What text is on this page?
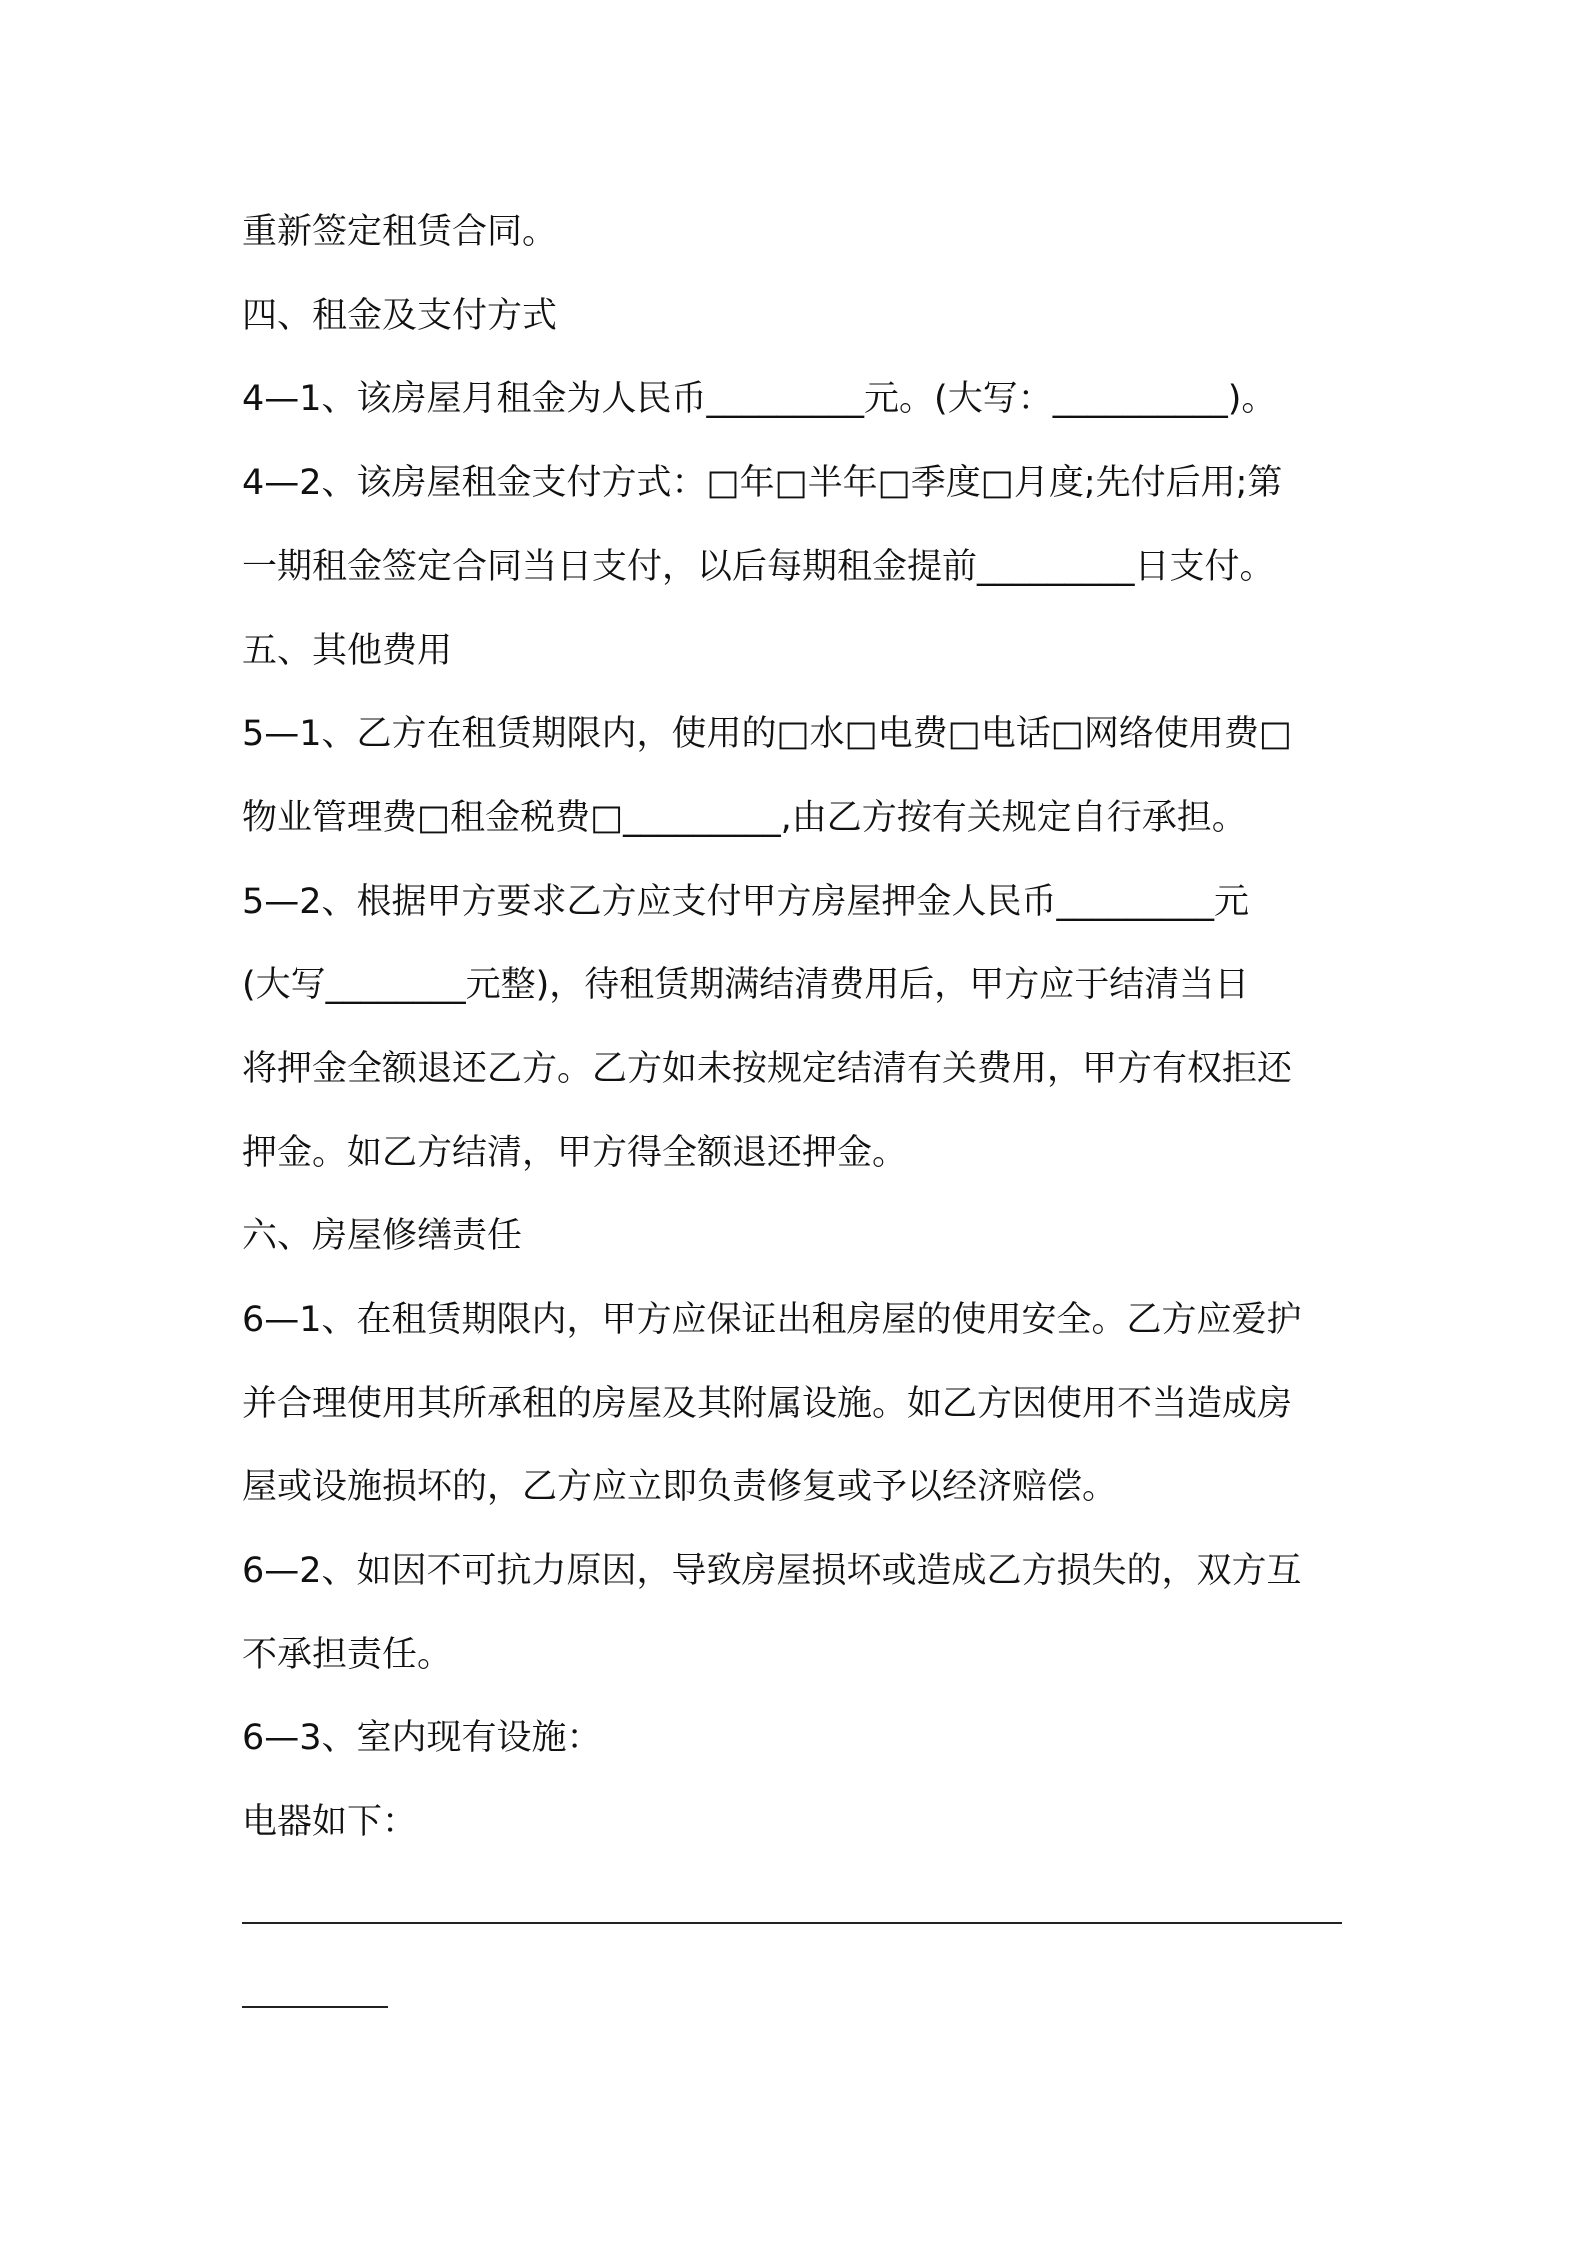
重新签定租赁合同。
四、租金及支付方式
4—1、该房屋月租金为人民币_________元。(大写：__________)。
4—2、该房屋租金支付方式：□年□半年□季度□月度;先付后用;第
一期租金签定合同当日支付，以后每期租金提前_________日支付。
五、其他费用
5—1、乙方在租赁期限内，使用的□水□电费□电话□网络使用费□
物业管理费□租金税费□_________,由乙方按有关规定自行承担。
5—2、根据甲方要求乙方应支付甲方房屋押金人民币_________元
(大写________元整)，待租赁期满结清费用后，甲方应于结清当日
将押金全额退还乙方。乙方如未按规定结清有关费用，甲方有权拒还
押金。如乙方结清，甲方得全额退还押金。
六、房屋修缮责任
6—1、在租赁期限内，甲方应保证出租房屋的使用安全。乙方应爱护
并合理使用其所承租的房屋及其附属设施。如乙方因使用不当造成房
屋或设施损坏的，乙方应立即负责修复或予以经济赔偿。
6—2、如因不可抗力原因，导致房屋损坏或造成乙方损失的，双方互
不承担责任。
6—3、室内现有设施：
电器如下：
